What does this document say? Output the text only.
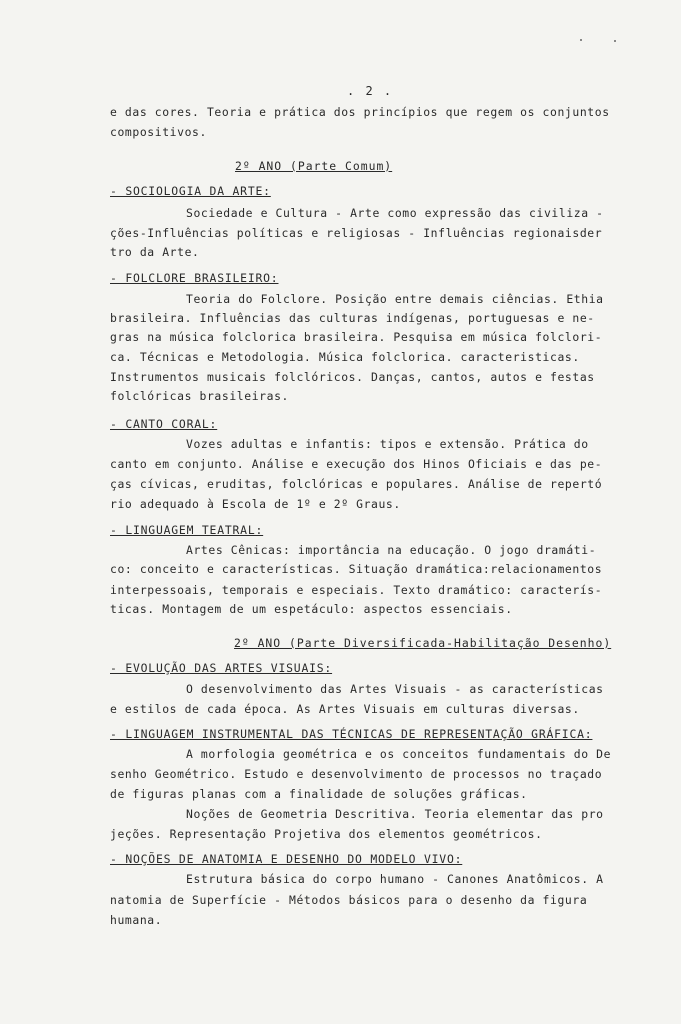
. 2 .
e das cores. Teoria e prática dos princípios que regem os conjuntos
compositivos.
2º ANO (Parte Comum)
- SOCIOLOGIA DA ARTE:
Sociedade e Cultura - Arte como expressão das civiliza -
ções-Influências políticas e religiosas - Influências regionaisder
tro da Arte.
- FOLCLORE BRASILEIRO:
Teoria do Folclore. Posição entre demais ciências. Ethia
brasileira. Influências das culturas indígenas, portuguesas e ne-
gras na música folclorica brasileira. Pesquisa em música folclori-
ca. Técnicas e Metodologia. Música folclorica. caracteristicas.
Instrumentos musicais folclóricos. Danças, cantos, autos e festas
folclóricas brasileiras.
- CANTO CORAL:
Vozes adultas e infantis: tipos e extensão. Prática do
canto em conjunto. Análise e execução dos Hinos Oficiais e das pe-
ças cívicas, eruditas, folclóricas e populares. Análise de repertó
rio adequado à Escola de 1º e 2º Graus.
- LINGUAGEM TEATRAL:
Artes Cênicas: importância na educação. O jogo dramáti-
co: conceito e características. Situação dramática:relacionamentos
interpessoais, temporais e especiais. Texto dramático: caracterís-
ticas. Montagem de um espetáculo: aspectos essenciais.
2º ANO (Parte Diversificada-Habilitação Desenho)
- EVOLUÇÃO DAS ARTES VISUAIS:
O desenvolvimento das Artes Visuais - as características
e estilos de cada época. As Artes Visuais em culturas diversas.
- LINGUAGEM INSTRUMENTAL DAS TÉCNICAS DE REPRESENTAÇÃO GRÁFICA:
A morfologia geométrica e os conceitos fundamentais do De
senho Geométrico. Estudo e desenvolvimento de processos no traçado
de figuras planas com a finalidade de soluções gráficas.
Noções de Geometria Descritiva. Teoria elementar das pro
jeções. Representação Projetiva dos elementos geométricos.
- NOÇÕES DE ANATOMIA E DESENHO DO MODELO VIVO:
Estrutura básica do corpo humano - Canones Anatômicos. A
natomia de Superfície - Métodos básicos para o desenho da figura
humana.
